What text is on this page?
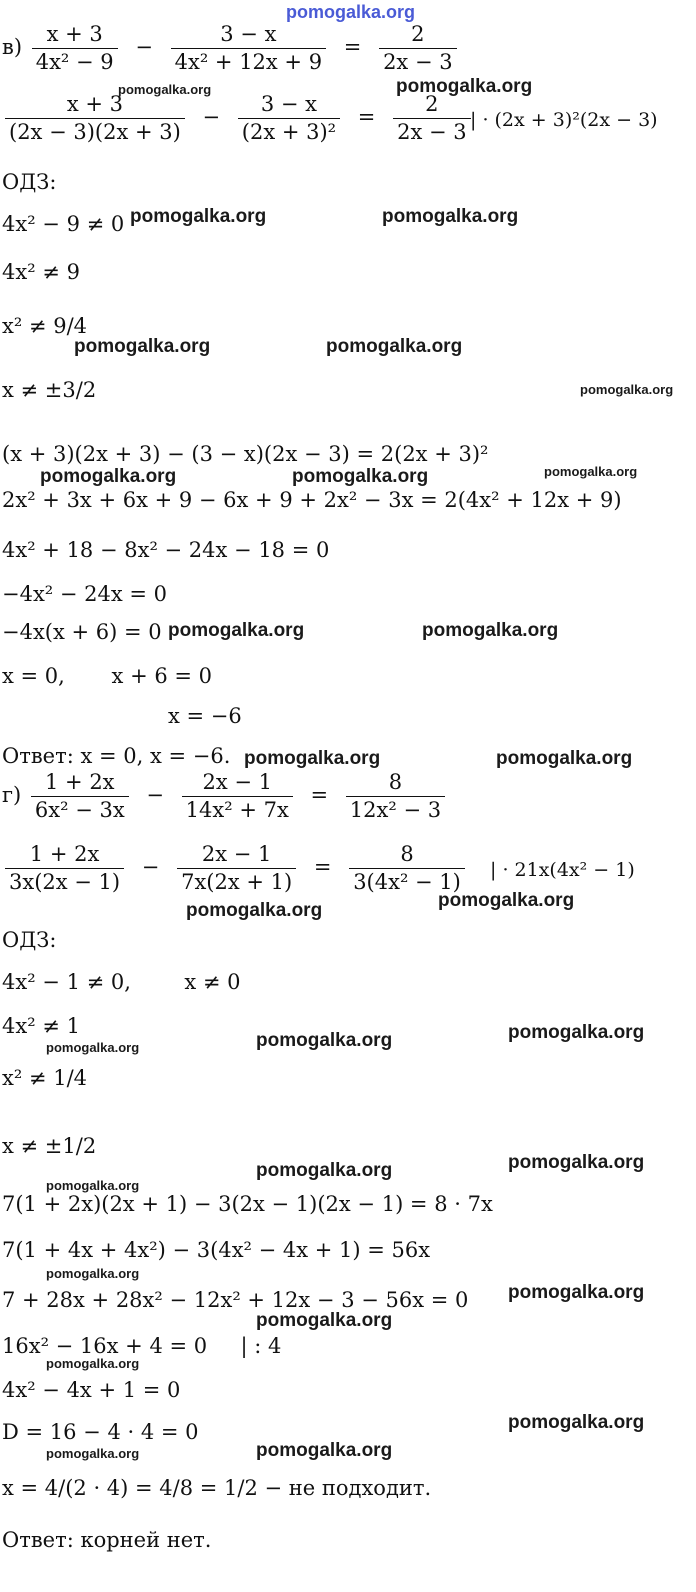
pomogalka.org
$в) \frac{x + 3}{\text{4x² − 9}} - \frac{3 - x}{\text{4x² + 12x + 9}} = \frac{2}{2x - 3}$
$\frac{x + 3}{(2x - 3)(2x + 3)} - \frac{3 - x}{\text{(2x + 3)²}} = \frac{2}{2x - 3}$ | · (2x + 3)²(2x − 3)
ОДЗ:
4x² − 9 ≠ 0
4x² ≠ 9
x² ≠ 9/4
x ≠ ±3/2
(x + 3)(2x + 3) − (3 − x)(2x − 3) = 2(2x + 3)²
2x² + 3x + 6x + 9 − 6x + 9 + 2x² − 3x = 2(4x² + 12x + 9)
4x² + 18 − 8x² − 24x − 18 = 0
−4x² − 24x = 0
−4x(x + 6) = 0
x = 0,       x + 6 = 0
x = −6
Ответ: x = 0, x = −6.
$г) \frac{1 + 2x}{\text{6x² − 3x}} - \frac{2x - 1}{\text{14x² + 7x}} = \frac{8}{\text{12x² − 3}}$
$\frac{1 + 2x}{3x(2x - 1)} - \frac{2x - 1}{7x(2x + 1)} = \frac{8}{\text{3(4x² − 1)}}$ | · 21x(4x² − 1)
ОДЗ:
4x² − 1 ≠ 0,        x ≠ 0
4x² ≠ 1
x² ≠ 1/4
x ≠ ±1/2
7(1 + 2x)(2x + 1) − 3(2x − 1)(2x − 1) = 8 · 7x
7(1 + 4x + 4x²) − 3(4x² − 4x + 1) = 56x
7 + 28x + 28x² − 12x² + 12x − 3 − 56x = 0
16x² − 16x + 4 = 0     | : 4
4x² − 4x + 1 = 0
D = 16 − 4 · 4 = 0
x = 4/(2 · 4) = 4/8 = 1/2 − не подходит.
Ответ: корней нет.
pomogalka.org	pomogalka.org
pomogalka.org	pomogalka.org
pomogalka.org	pomogalka.org
pomogalka.org
pomogalka.org	pomogalka.org	pomogalka.org
pomogalka.org	pomogalka.org
pomogalka.org	pomogalka.org
pomogalka.org	pomogalka.org
pomogalka.org
pomogalka.org
pomogalka.org
pomogalka.org
pomogalka.org
pomogalka.org
pomogalka.org
pomogalka.org
pomogalka.org
pomogalka.org
pomogalka.org
pomogalka.org
pomogalka.org
